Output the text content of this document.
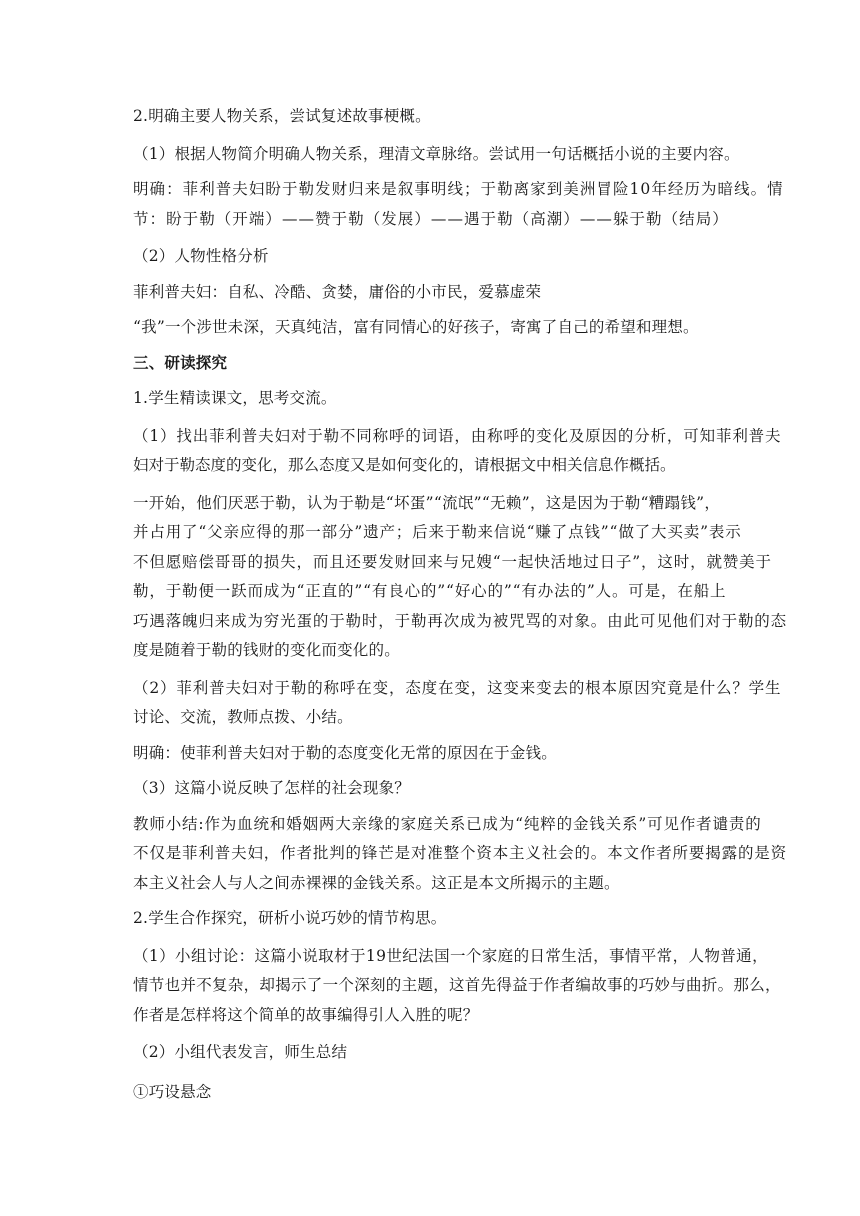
2.明确主要人物关系，尝试复述故事梗概。
（1）根据人物简介明确人物关系，理清文章脉络。尝试用一句话概括小说的主要内容。
明确：菲利普夫妇盼于勒发财归来是叙事明线；于勒离家到美洲冒险10年经历为暗线。情
节：盼于勒（开端）——赞于勒（发展）——遇于勒（高潮）——躲于勒（结局）
（2）人物性格分析
菲利普夫妇：自私、冷酷、贪婪，庸俗的小市民，爱慕虚荣
“我”一个涉世未深，天真纯洁，富有同情心的好孩子，寄寓了自己的希望和理想。
三、研读探究
1.学生精读课文，思考交流。
（1）找出菲利普夫妇对于勒不同称呼的词语，由称呼的变化及原因的分析，可知菲利普夫
妇对于勒态度的变化，那么态度又是如何变化的，请根据文中相关信息作概括。
一开始，他们厌恶于勒，认为于勒是“坏蛋”“流氓”“无赖”，这是因为于勒“糟蹋钱”，
并占用了“父亲应得的那一部分”遗产；后来于勒来信说“赚了点钱”“做了大买卖”表示
不但愿赔偿哥哥的损失，而且还要发财回来与兄嫂“一起快活地过日子”，这时，就赞美于
勒，于勒便一跃而成为“正直的”“有良心的”“好心的”“有办法的”人。可是，在船上
巧遇落魄归来成为穷光蛋的于勒时，于勒再次成为被咒骂的对象。由此可见他们对于勒的态
度是随着于勒的钱财的变化而变化的。
（2）菲利普夫妇对于勒的称呼在变，态度在变，这变来变去的根本原因究竟是什么？学生
讨论、交流，教师点拨、小结。
明确：使菲利普夫妇对于勒的态度变化无常的原因在于金钱。
（3）这篇小说反映了怎样的社会现象？
教师小结:作为血统和婚姻两大亲缘的家庭关系已成为“纯粹的金钱关系”可见作者谴责的
不仅是菲利普夫妇，作者批判的锋芒是对准整个资本主义社会的。本文作者所要揭露的是资
本主义社会人与人之间赤裸裸的金钱关系。这正是本文所揭示的主题。
2.学生合作探究，研析小说巧妙的情节构思。
（1）小组讨论：这篇小说取材于19世纪法国一个家庭的日常生活，事情平常，人物普通，
情节也并不复杂，却揭示了一个深刻的主题，这首先得益于作者编故事的巧妙与曲折。那么，
作者是怎样将这个简单的故事编得引人入胜的呢？
（2）小组代表发言，师生总结
①巧设悬念
